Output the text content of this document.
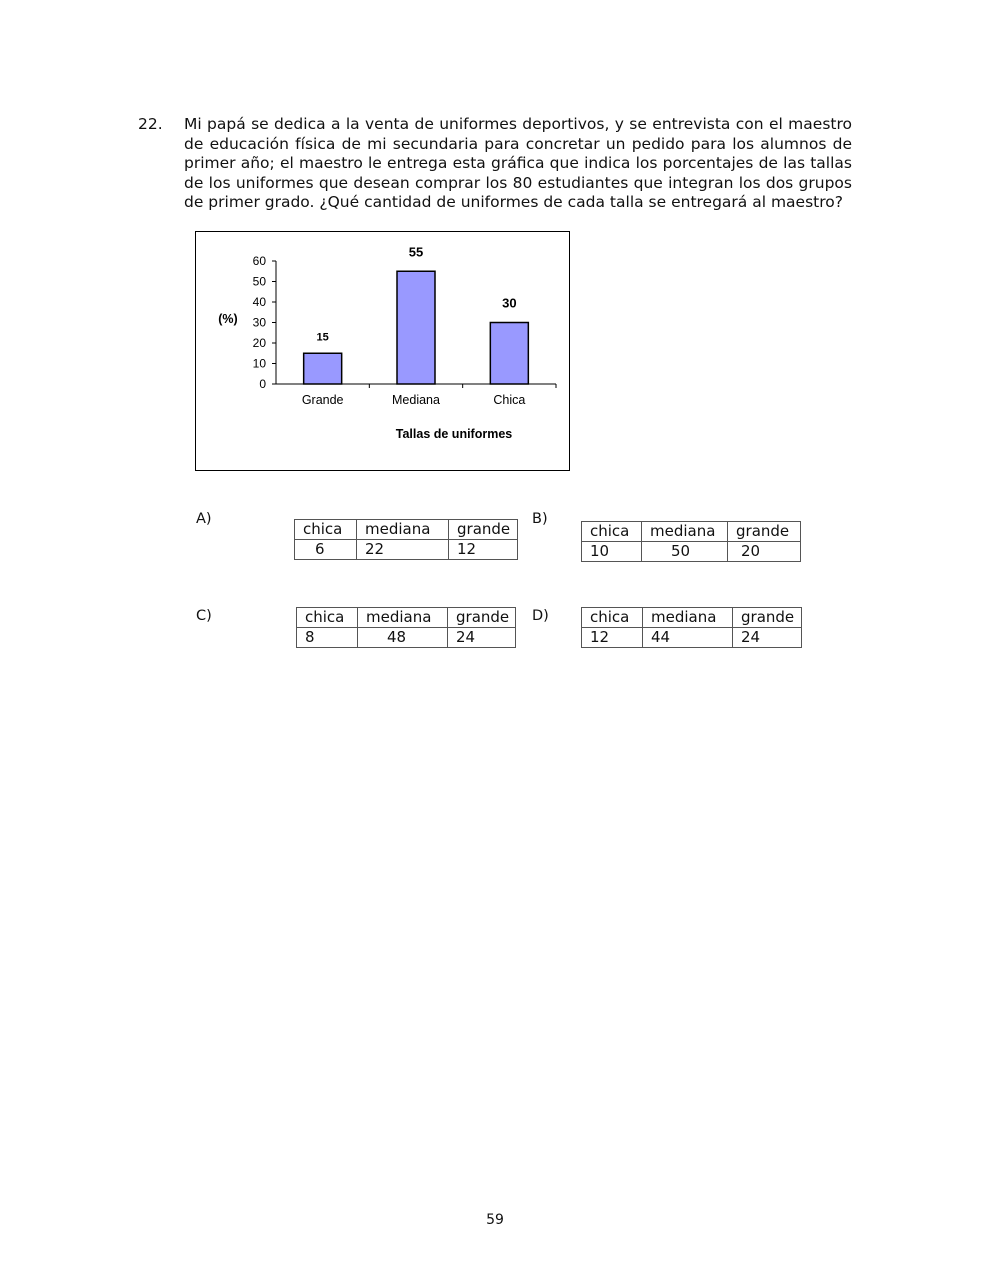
22. Mi papá se dedica a la venta de uniformes deportivos, y se entrevista con el maestro de educación física de mi secundaria para concretar un pedido para los alumnos de primer año; el maestro le entrega esta gráfica que indica los porcentajes de las tallas de los uniformes que desean comprar los 80 estudiantes que integran los dos grupos de primer grado. ¿Qué cantidad de uniformes de cada talla se entregará al maestro?
0
10
20
30
40
50
60
15
Grande
55
Mediana
30
Chica
(%)
Tallas de uniformes
A)
chica	mediana	grande
6	22	12
B)
chica	mediana	grande
10	50	20
C)	chica	mediana	grande
8	48	24
D)	chica	mediana	grande
12	44	24
59
